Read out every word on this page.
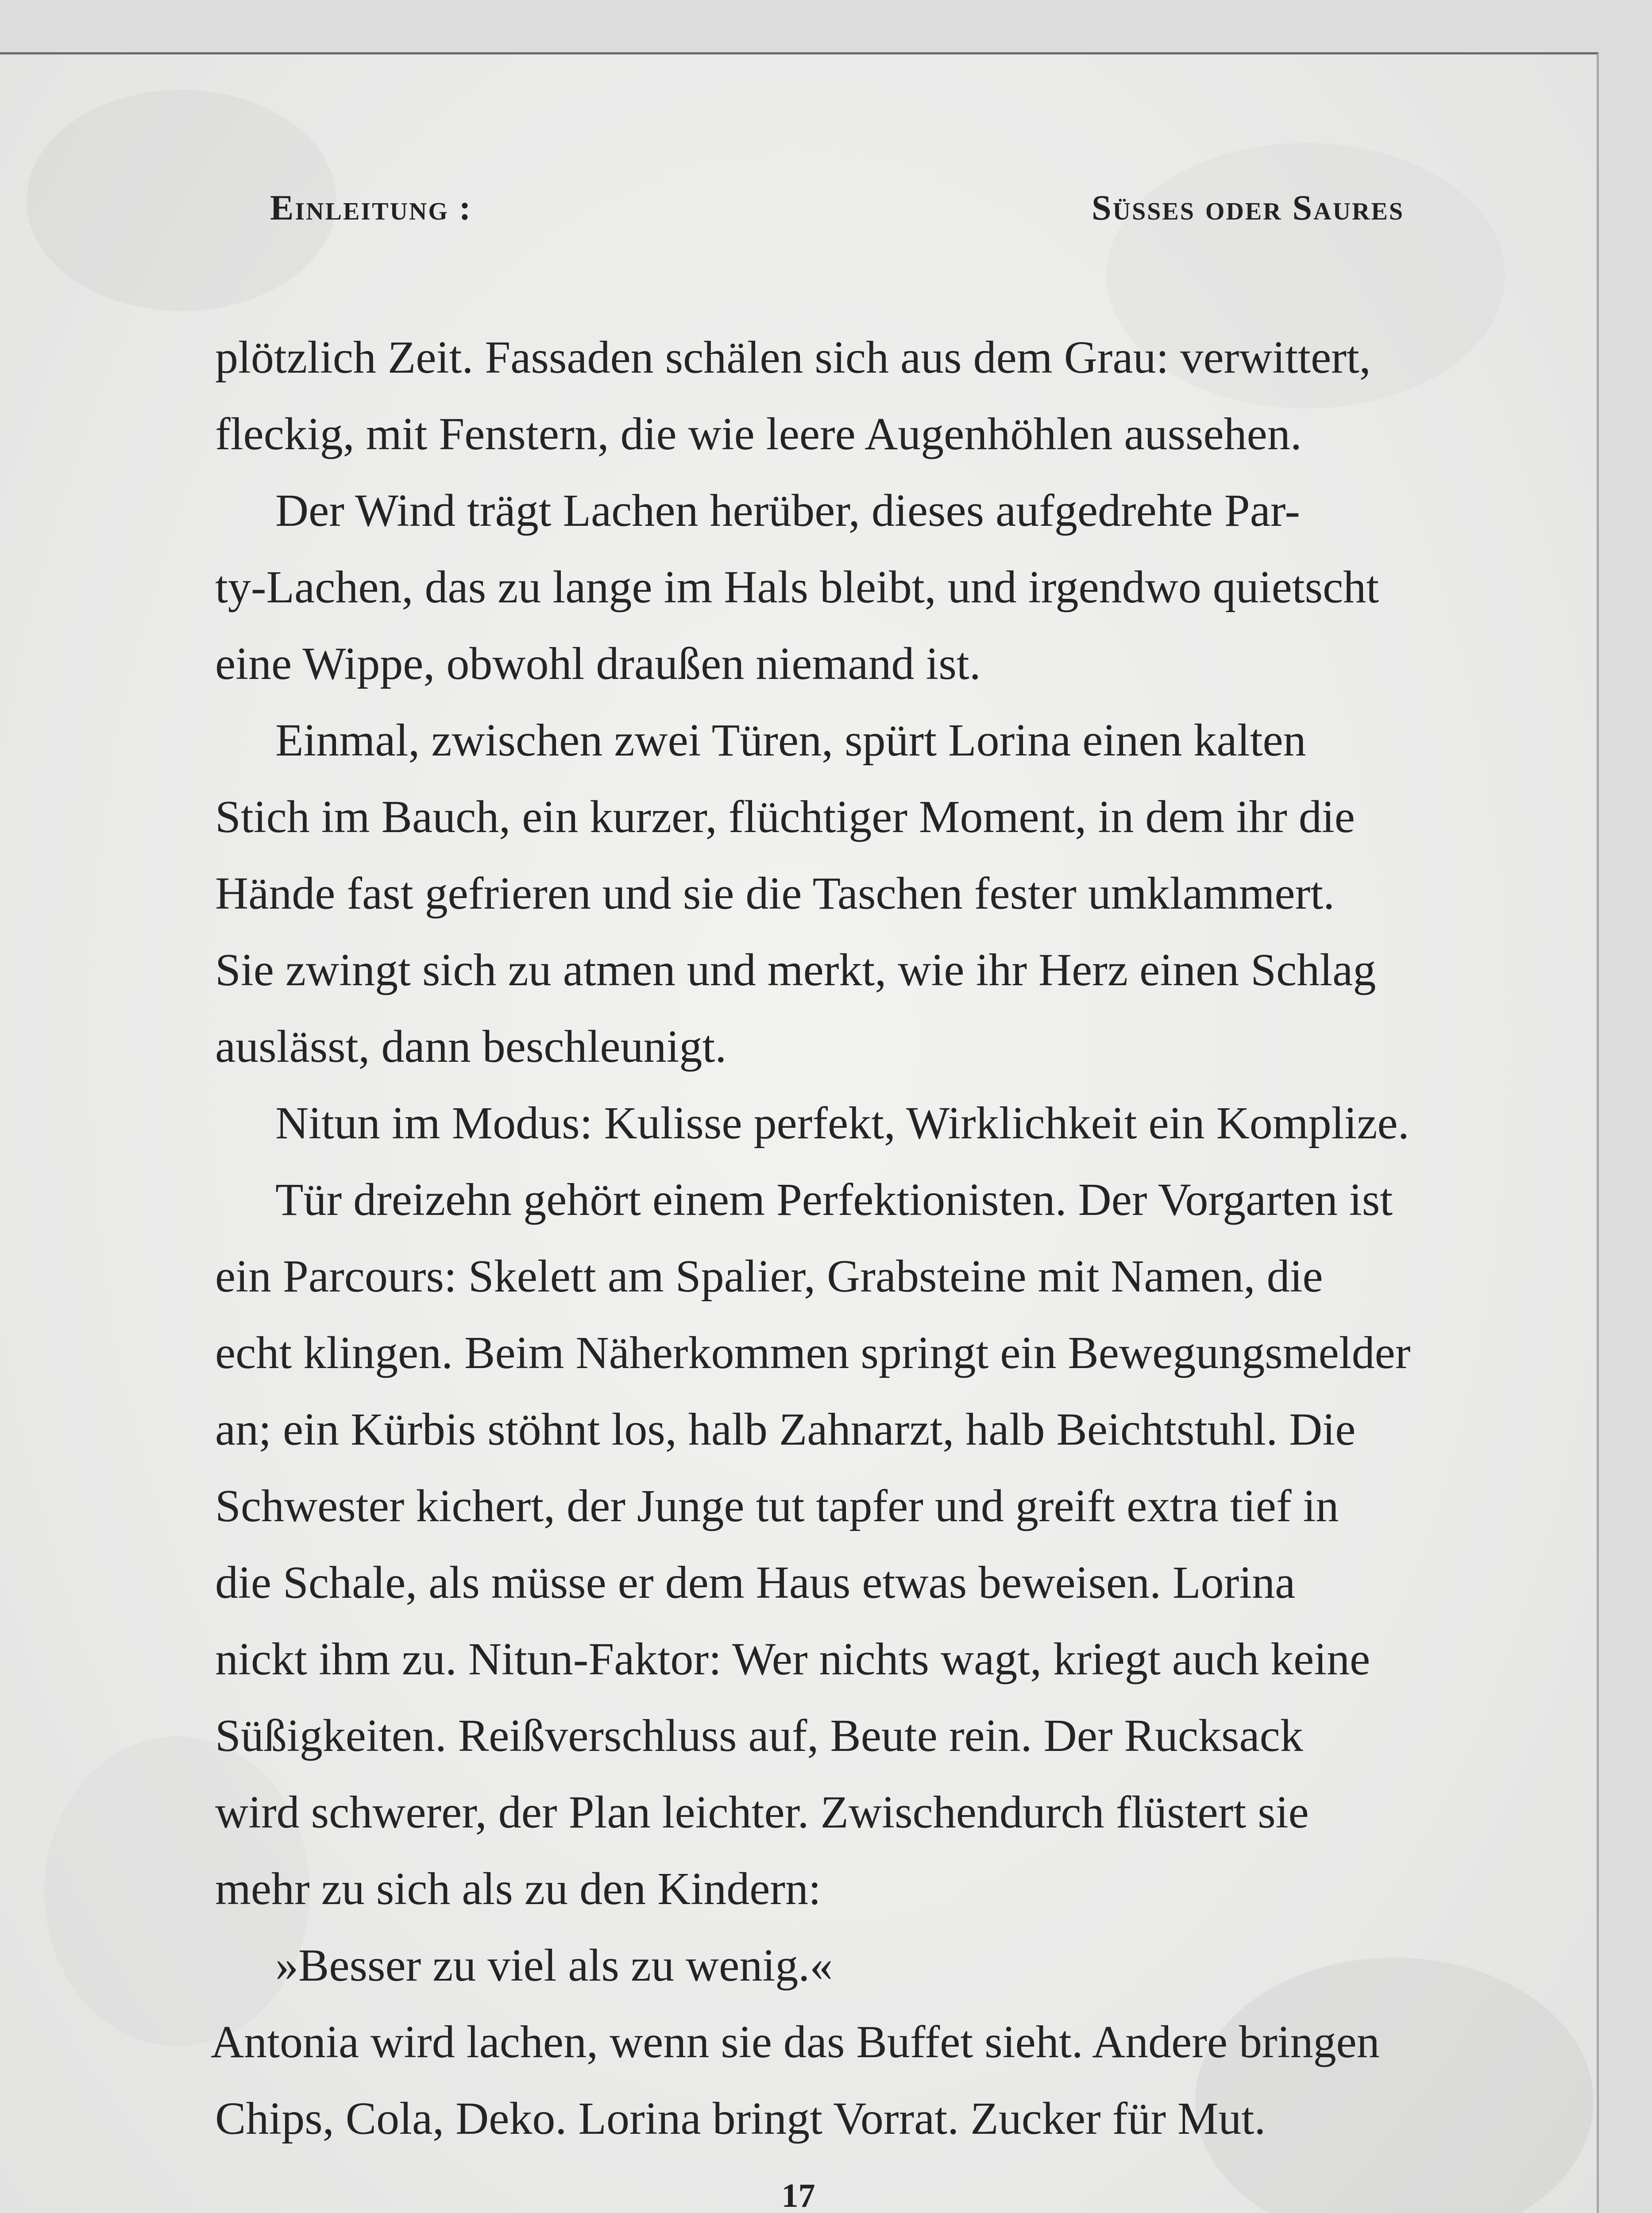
Einleitung :	Süsses oder Saures
plötzlich Zeit. Fassaden schälen sich aus dem Grau: verwittert,
fleckig, mit Fenstern, die wie leere Augenhöhlen aussehen.
Der Wind trägt Lachen herüber, dieses aufgedrehte Par-
ty-Lachen, das zu lange im Hals bleibt, und irgendwo quietscht
eine Wippe, obwohl draußen niemand ist.
Einmal, zwischen zwei Türen, spürt Lorina einen kalten
Stich im Bauch, ein kurzer, flüchtiger Moment, in dem ihr die
Hände fast gefrieren und sie die Taschen fester umklammert.
Sie zwingt sich zu atmen und merkt, wie ihr Herz einen Schlag
auslässt, dann beschleunigt.
Nitun im Modus: Kulisse perfekt, Wirklichkeit ein Komplize.
Tür dreizehn gehört einem Perfektionisten. Der Vorgarten ist
ein Parcours: Skelett am Spalier, Grabsteine mit Namen, die
echt klingen. Beim Näherkommen springt ein Bewegungsmelder
an; ein Kürbis stöhnt los, halb Zahnarzt, halb Beichtstuhl. Die
Schwester kichert, der Junge tut tapfer und greift extra tief in
die Schale, als müsse er dem Haus etwas beweisen. Lorina
nickt ihm zu. Nitun-Faktor: Wer nichts wagt, kriegt auch keine
Süßigkeiten. Reißverschluss auf, Beute rein. Der Rucksack
wird schwerer, der Plan leichter. Zwischendurch flüstert sie
mehr zu sich als zu den Kindern:
»Besser zu viel als zu wenig.«
Antonia wird lachen, wenn sie das Buffet sieht. Andere bringen
Chips, Cola, Deko. Lorina bringt Vorrat. Zucker für Mut.
17
